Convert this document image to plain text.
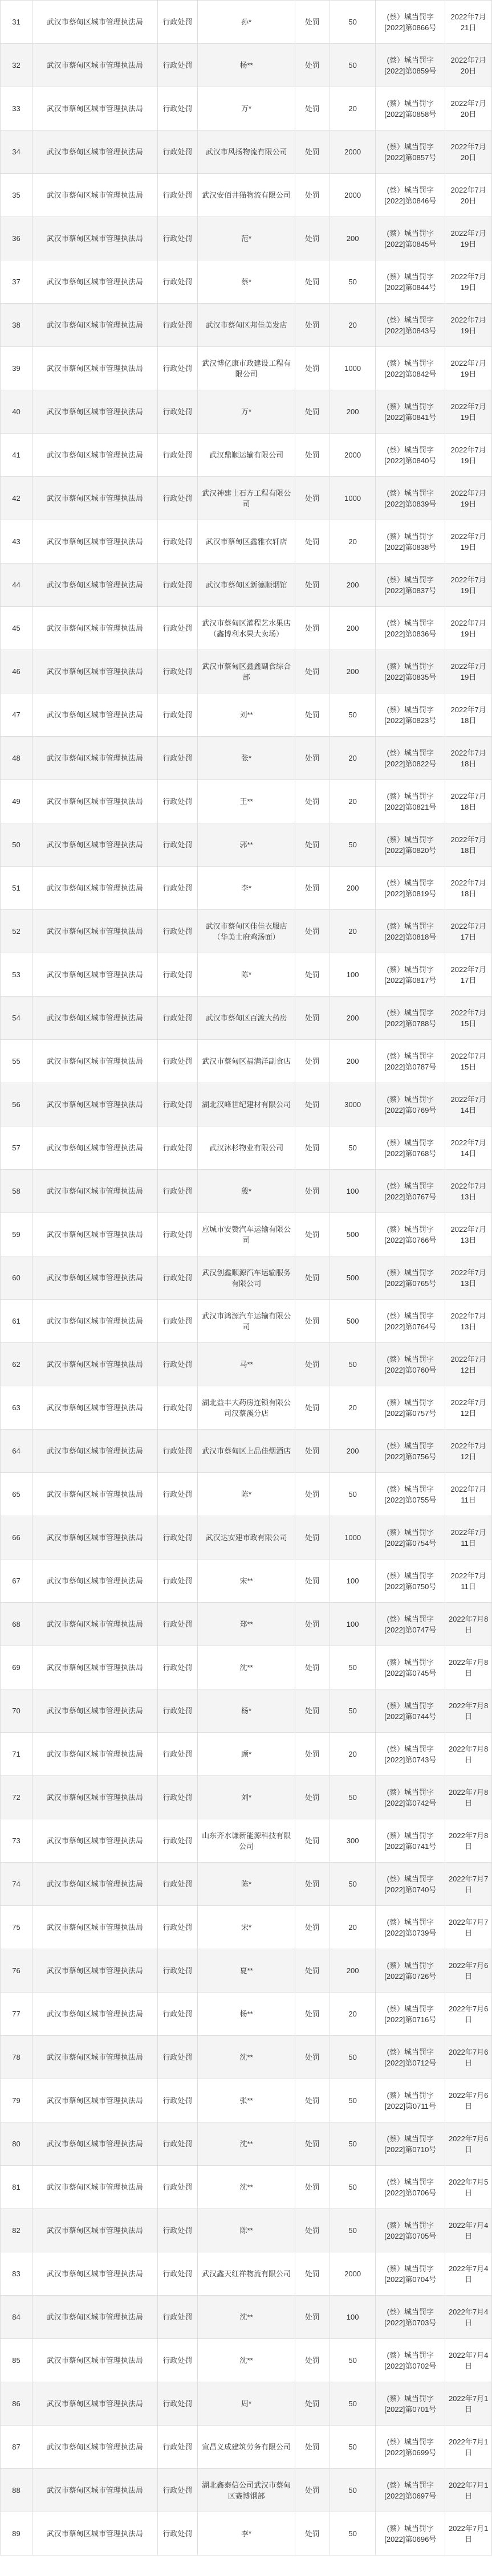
31	武汉市蔡甸区城市管理执法局	行政处罚	孙*	处罚	50	(蔡）城当罚字[2022]第0866号	2022年7月21日
32	武汉市蔡甸区城市管理执法局	行政处罚	杨**	处罚	50	(蔡）城当罚字[2022]第0859号	2022年7月20日
33	武汉市蔡甸区城市管理执法局	行政处罚	万*	处罚	20	(蔡）城当罚字[2022]第0858号	2022年7月20日
34	武汉市蔡甸区城市管理执法局	行政处罚	武汉市风扬物流有限公司	处罚	2000	(蔡）城当罚字[2022]第0857号	2022年7月20日
35	武汉市蔡甸区城市管理执法局	行政处罚	武汉安佰井猫物流有限公司	处罚	2000	(蔡）城当罚字[2022]第0846号	2022年7月20日
36	武汉市蔡甸区城市管理执法局	行政处罚	范*	处罚	200	(蔡）城当罚字[2022]第0845号	2022年7月19日
37	武汉市蔡甸区城市管理执法局	行政处罚	蔡*	处罚	50	(蔡）城当罚字[2022]第0844号	2022年7月19日
38	武汉市蔡甸区城市管理执法局	行政处罚	武汉市蔡甸区邦佳美发店	处罚	20	(蔡）城当罚字[2022]第0843号	2022年7月19日
39	武汉市蔡甸区城市管理执法局	行政处罚	武汉博亿康市政建设工程有限公司	处罚	1000	(蔡）城当罚字[2022]第0842号	2022年7月19日
40	武汉市蔡甸区城市管理执法局	行政处罚	万*	处罚	200	(蔡）城当罚字[2022]第0841号	2022年7月19日
41	武汉市蔡甸区城市管理执法局	行政处罚	武汉鼎顺运输有限公司	处罚	2000	(蔡）城当罚字[2022]第0840号	2022年7月19日
42	武汉市蔡甸区城市管理执法局	行政处罚	武汉神建土石方工程有限公司	处罚	1000	(蔡）城当罚字[2022]第0839号	2022年7月19日
43	武汉市蔡甸区城市管理执法局	行政处罚	武汉市蔡甸区鑫雅衣轩店	处罚	20	(蔡）城当罚字[2022]第0838号	2022年7月19日
44	武汉市蔡甸区城市管理执法局	行政处罚	武汉市蔡甸区新德顺烟馆	处罚	200	(蔡）城当罚字[2022]第0837号	2022年7月19日
45	武汉市蔡甸区城市管理执法局	行政处罚	武汉市蔡甸区灌程艺水果店（鑫博利水果大卖场）	处罚	200	(蔡）城当罚字[2022]第0836号	2022年7月19日
46	武汉市蔡甸区城市管理执法局	行政处罚	武汉市蔡甸区鑫鑫副食综合部	处罚	200	(蔡）城当罚字[2022]第0835号	2022年7月19日
47	武汉市蔡甸区城市管理执法局	行政处罚	刘**	处罚	50	(蔡）城当罚字[2022]第0823号	2022年7月18日
48	武汉市蔡甸区城市管理执法局	行政处罚	张*	处罚	20	(蔡）城当罚字[2022]第0822号	2022年7月18日
49	武汉市蔡甸区城市管理执法局	行政处罚	王**	处罚	20	(蔡）城当罚字[2022]第0821号	2022年7月18日
50	武汉市蔡甸区城市管理执法局	行政处罚	郭**	处罚	50	(蔡）城当罚字[2022]第0820号	2022年7月18日
51	武汉市蔡甸区城市管理执法局	行政处罚	李*	处罚	200	(蔡）城当罚字[2022]第0819号	2022年7月18日
52	武汉市蔡甸区城市管理执法局	行政处罚	武汉市蔡甸区佳佳衣服店（华美士府鸡汤面）	处罚	20	(蔡）城当罚字[2022]第0818号	2022年7月17日
53	武汉市蔡甸区城市管理执法局	行政处罚	陈*	处罚	100	(蔡）城当罚字[2022]第0817号	2022年7月17日
54	武汉市蔡甸区城市管理执法局	行政处罚	武汉市蔡甸区百渡大药房	处罚	200	(蔡）城当罚字[2022]第0788号	2022年7月15日
55	武汉市蔡甸区城市管理执法局	行政处罚	武汉市蔡甸区福满洋副食店	处罚	200	(蔡）城当罚字[2022]第0787号	2022年7月15日
56	武汉市蔡甸区城市管理执法局	行政处罚	湖北汉峰世纪建材有限公司	处罚	3000	(蔡）城当罚字[2022]第0769号	2022年7月14日
57	武汉市蔡甸区城市管理执法局	行政处罚	武汉沐杉物业有限公司	处罚	50	(蔡）城当罚字[2022]第0768号	2022年7月14日
58	武汉市蔡甸区城市管理执法局	行政处罚	殷*	处罚	100	(蔡）城当罚字[2022]第0767号	2022年7月13日
59	武汉市蔡甸区城市管理执法局	行政处罚	应城市安赞汽车运输有限公司	处罚	500	(蔡）城当罚字[2022]第0766号	2022年7月13日
60	武汉市蔡甸区城市管理执法局	行政处罚	武汉创鑫顺源汽车运输服务有限公司	处罚	500	(蔡）城当罚字[2022]第0765号	2022年7月13日
61	武汉市蔡甸区城市管理执法局	行政处罚	武汉市鸿源汽车运输有限公司	处罚	500	(蔡）城当罚字[2022]第0764号	2022年7月13日
62	武汉市蔡甸区城市管理执法局	行政处罚	马**	处罚	50	(蔡）城当罚字[2022]第0760号	2022年7月12日
63	武汉市蔡甸区城市管理执法局	行政处罚	湖北益丰大药房连锁有限公司汉蔡溪分店	处罚	20	(蔡）城当罚字[2022]第0757号	2022年7月12日
64	武汉市蔡甸区城市管理执法局	行政处罚	武汉市蔡甸区上品佳烟酒店	处罚	200	(蔡）城当罚字[2022]第0756号	2022年7月12日
65	武汉市蔡甸区城市管理执法局	行政处罚	陈*	处罚	50	(蔡）城当罚字[2022]第0755号	2022年7月11日
66	武汉市蔡甸区城市管理执法局	行政处罚	武汉达安建市政有限公司	处罚	1000	(蔡）城当罚字[2022]第0754号	2022年7月11日
67	武汉市蔡甸区城市管理执法局	行政处罚	宋**	处罚	100	(蔡）城当罚字[2022]第0750号	2022年7月11日
68	武汉市蔡甸区城市管理执法局	行政处罚	郑**	处罚	100	(蔡）城当罚字[2022]第0747号	2022年7月8日
69	武汉市蔡甸区城市管理执法局	行政处罚	沈**	处罚	50	(蔡）城当罚字[2022]第0745号	2022年7月8日
70	武汉市蔡甸区城市管理执法局	行政处罚	杨*	处罚	50	(蔡）城当罚字[2022]第0744号	2022年7月8日
71	武汉市蔡甸区城市管理执法局	行政处罚	顾*	处罚	20	(蔡）城当罚字[2022]第0743号	2022年7月8日
72	武汉市蔡甸区城市管理执法局	行政处罚	刘*	处罚	50	(蔡）城当罚字[2022]第0742号	2022年7月8日
73	武汉市蔡甸区城市管理执法局	行政处罚	山东齐水谦新能源科技有限公司	处罚	300	(蔡）城当罚字[2022]第0741号	2022年7月8日
74	武汉市蔡甸区城市管理执法局	行政处罚	陈*	处罚	50	(蔡）城当罚字[2022]第0740号	2022年7月7日
75	武汉市蔡甸区城市管理执法局	行政处罚	宋*	处罚	20	(蔡）城当罚字[2022]第0739号	2022年7月7日
76	武汉市蔡甸区城市管理执法局	行政处罚	夏**	处罚	200	(蔡）城当罚字[2022]第0726号	2022年7月6日
77	武汉市蔡甸区城市管理执法局	行政处罚	杨**	处罚	20	(蔡）城当罚字[2022]第0716号	2022年7月6日
78	武汉市蔡甸区城市管理执法局	行政处罚	沈**	处罚	50	(蔡）城当罚字[2022]第0712号	2022年7月6日
79	武汉市蔡甸区城市管理执法局	行政处罚	张**	处罚	50	(蔡）城当罚字[2022]第0711号	2022年7月6日
80	武汉市蔡甸区城市管理执法局	行政处罚	沈**	处罚	50	(蔡）城当罚字[2022]第0710号	2022年7月6日
81	武汉市蔡甸区城市管理执法局	行政处罚	沈**	处罚	50	(蔡）城当罚字[2022]第0706号	2022年7月5日
82	武汉市蔡甸区城市管理执法局	行政处罚	陈**	处罚	50	(蔡）城当罚字[2022]第0705号	2022年7月4日
83	武汉市蔡甸区城市管理执法局	行政处罚	武汉鑫天红祥物流有限公司	处罚	2000	(蔡）城当罚字[2022]第0704号	2022年7月4日
84	武汉市蔡甸区城市管理执法局	行政处罚	沈**	处罚	100	(蔡）城当罚字[2022]第0703号	2022年7月4日
85	武汉市蔡甸区城市管理执法局	行政处罚	沈**	处罚	50	(蔡）城当罚字[2022]第0702号	2022年7月4日
86	武汉市蔡甸区城市管理执法局	行政处罚	周*	处罚	50	(蔡）城当罚字[2022]第0701号	2022年7月1日
87	武汉市蔡甸区城市管理执法局	行政处罚	宣昌义成建筑劳务有限公司	处罚	50	(蔡）城当罚字[2022]第0699号	2022年7月1日
88	武汉市蔡甸区城市管理执法局	行政处罚	湖北鑫泰信公司武汉市蔡甸区赛博钢部	处罚	50	(蔡）城当罚字[2022]第0697号	2022年7月1日
89	武汉市蔡甸区城市管理执法局	行政处罚	李*	处罚	50	(蔡）城当罚字[2022]第0696号	2022年7月1日
